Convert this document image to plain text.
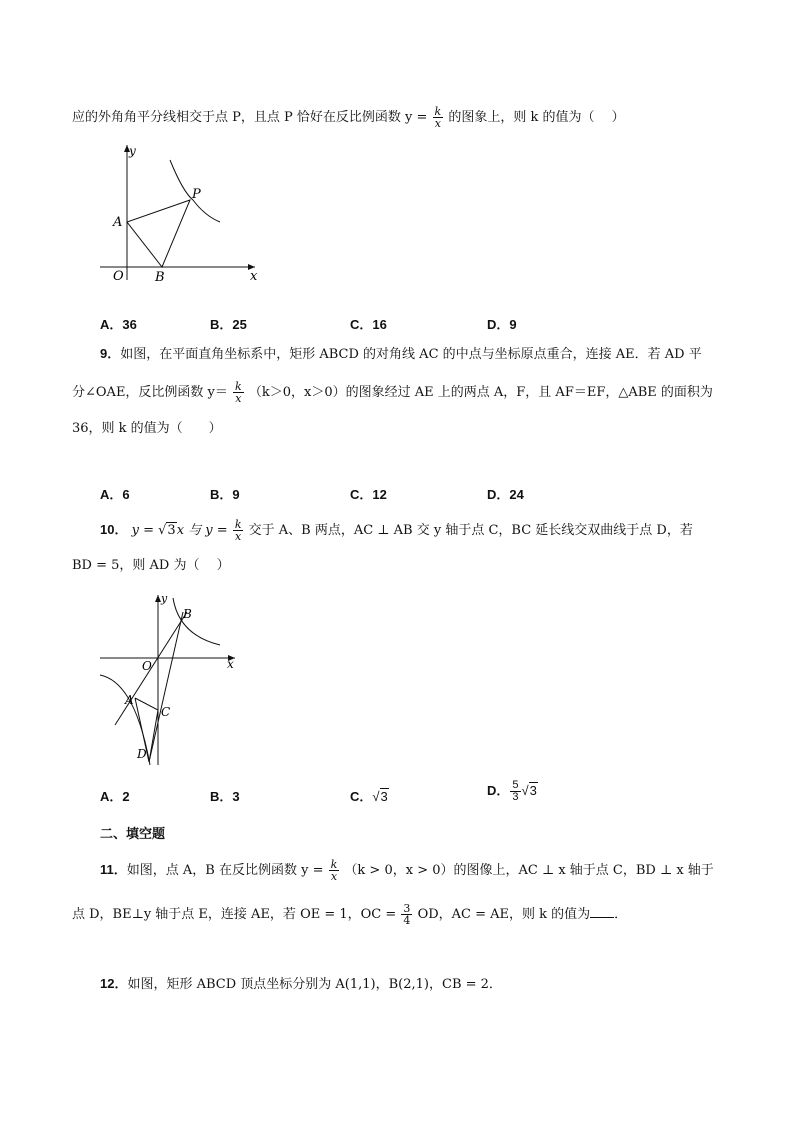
应的外角角平分线相交于点 P，且点 P 恰好在反比例函数 $y = \frac{k}{x}$ 的图象上，则 k 的值为（　 ）
y
x
O
A
B
P
A．36	B．25	C．16	D．9
9．如图，在平面直角坐标系中，矩形 ABCD 的对角线 AC 的中点与坐标原点重合，连接 AE．若 AD 平
分∠OAE，反比例函数 $y= \frac{k}{x} (k>0$，x＞0）的图象经过 AE 上的两点 A，F，且 AF＝EF，△ABE 的面积为
36，则 k 的值为（　　）
A．6	B．9	C．12	D．24
10． y = √3x 与 $y = \frac{k}{x}$ 交于 A、B 两点，AC ⊥ AB 交 y 轴于点 C，BC 延长线交双曲线于点 D，若
BD = 5，则 AD 为（　 ）
y
x
O
A
B
C
D
A．2	B．3	C．√3	D． $\frac{5}{3} √3$
二、填空题
11．如图，点 A，B 在反比例函数 $y = \frac{k}{x} (k > 0$，x > 0）的图像上，AC ⊥ x 轴于点 C，BD ⊥ x 轴于
点 D，BE⊥y 轴于点 E，连接 AE，若 OE = 1，OC = $\frac{3}{4}$ OD，AC = AE，则 k 的值为 ．
12．如图，矩形 ABCD 顶点坐标分别为 A(1,1)，B(2,1)，CB = 2．
